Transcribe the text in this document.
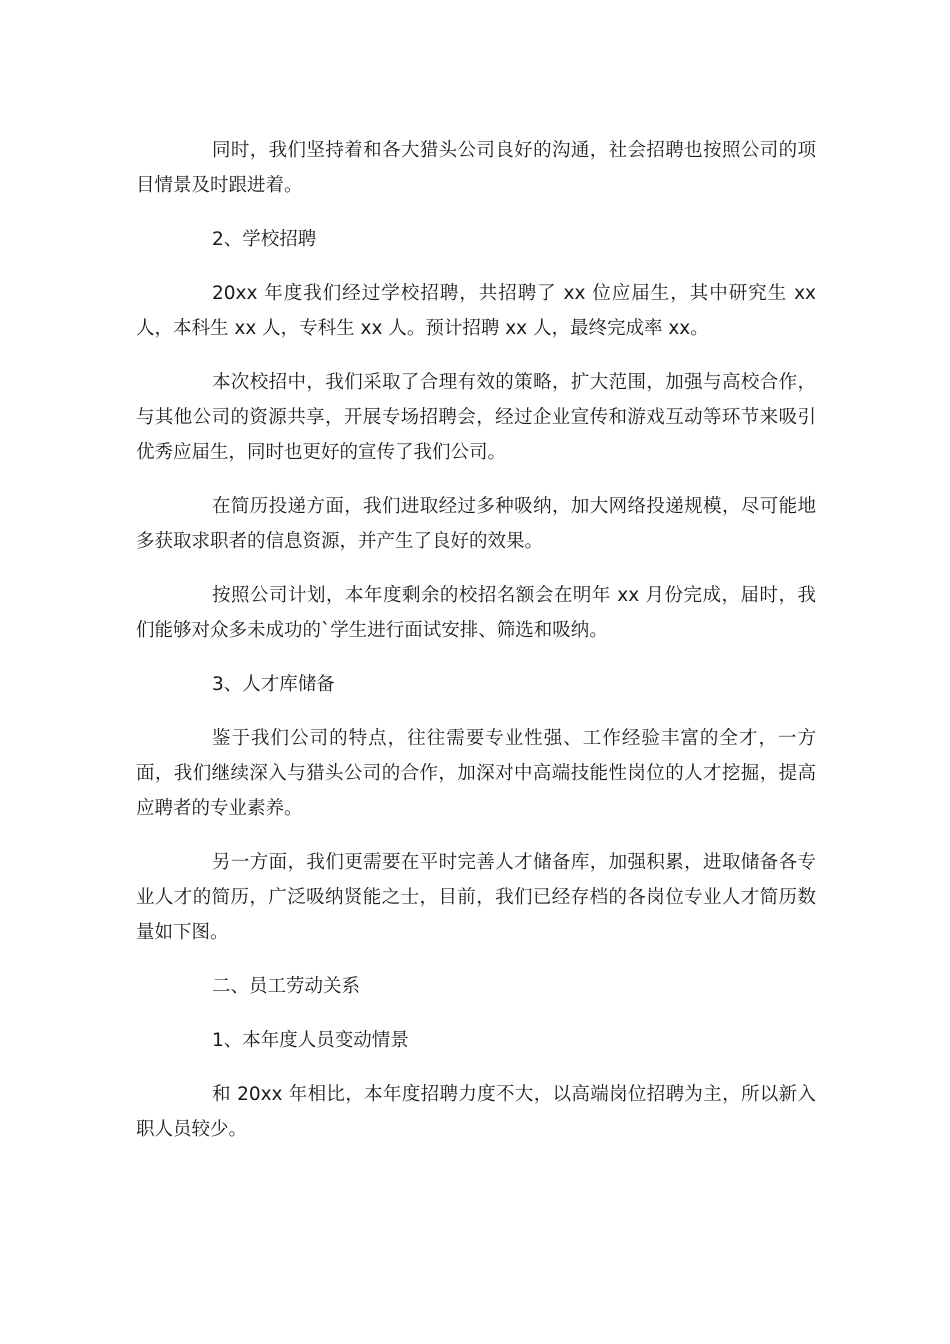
同时，我们坚持着和各大猎头公司良好的沟通，社会招聘也按照公司的项目情景及时跟进着。

2、学校招聘

20xx 年度我们经过学校招聘，共招聘了 xx 位应届生，其中研究生 xx 人，本科生 xx 人，专科生 xx 人。预计招聘 xx 人，最终完成率 xx。

本次校招中，我们采取了合理有效的策略，扩大范围，加强与高校合作，与其他公司的资源共享，开展专场招聘会，经过企业宣传和游戏互动等环节来吸引优秀应届生，同时也更好的宣传了我们公司。

在简历投递方面，我们进取经过多种吸纳，加大网络投递规模，尽可能地多获取求职者的信息资源，并产生了良好的效果。

按照公司计划，本年度剩余的校招名额会在明年 xx 月份完成，届时，我们能够对众多未成功的`学生进行面试安排、筛选和吸纳。

3、人才库储备

鉴于我们公司的特点，往往需要专业性强、工作经验丰富的全才，一方面，我们继续深入与猎头公司的合作，加深对中高端技能性岗位的人才挖掘，提高应聘者的专业素养。

另一方面，我们更需要在平时完善人才储备库，加强积累，进取储备各专业人才的简历，广泛吸纳贤能之士，目前，我们已经存档的各岗位专业人才简历数量如下图。

二、员工劳动关系

1、本年度人员变动情景

和 20xx 年相比，本年度招聘力度不大，以高端岗位招聘为主，所以新入职人员较少。
